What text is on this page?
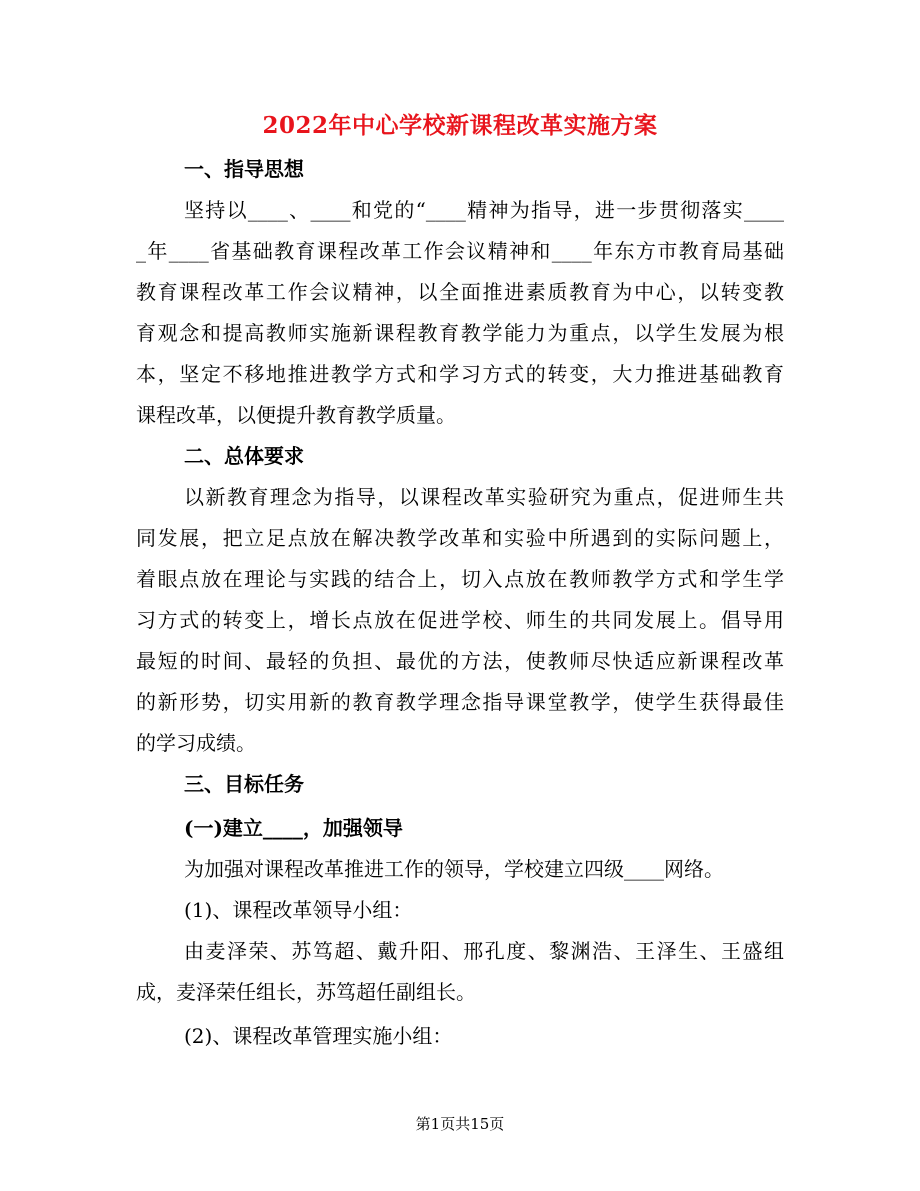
2022年中心学校新课程改革实施方案
一、指导思想
坚持以____、____和党的“____精神为指导，进一步贯彻落实____
_年____省基础教育课程改革工作会议精神和____年东方市教育局基础
教育课程改革工作会议精神，以全面推进素质教育为中心，以转变教
育观念和提高教师实施新课程教育教学能力为重点，以学生发展为根
本，坚定不移地推进教学方式和学习方式的转变，大力推进基础教育
课程改革，以便提升教育教学质量。
二、总体要求
以新教育理念为指导，以课程改革实验研究为重点，促进师生共
同发展，把立足点放在解决教学改革和实验中所遇到的实际问题上，
着眼点放在理论与实践的结合上，切入点放在教师教学方式和学生学
习方式的转变上，增长点放在促进学校、师生的共同发展上。倡导用
最短的时间、最轻的负担、最优的方法，使教师尽快适应新课程改革
的新形势，切实用新的教育教学理念指导课堂教学，使学生获得最佳
的学习成绩。
三、目标任务
(一)建立____，加强领导
为加强对课程改革推进工作的领导，学校建立四级____网络。
(1)、课程改革领导小组：
由麦泽荣、苏笃超、戴升阳、邢孔度、黎渊浩、王泽生、王盛组
成，麦泽荣任组长，苏笃超任副组长。
(2)、课程改革管理实施小组：
第1页共15页
